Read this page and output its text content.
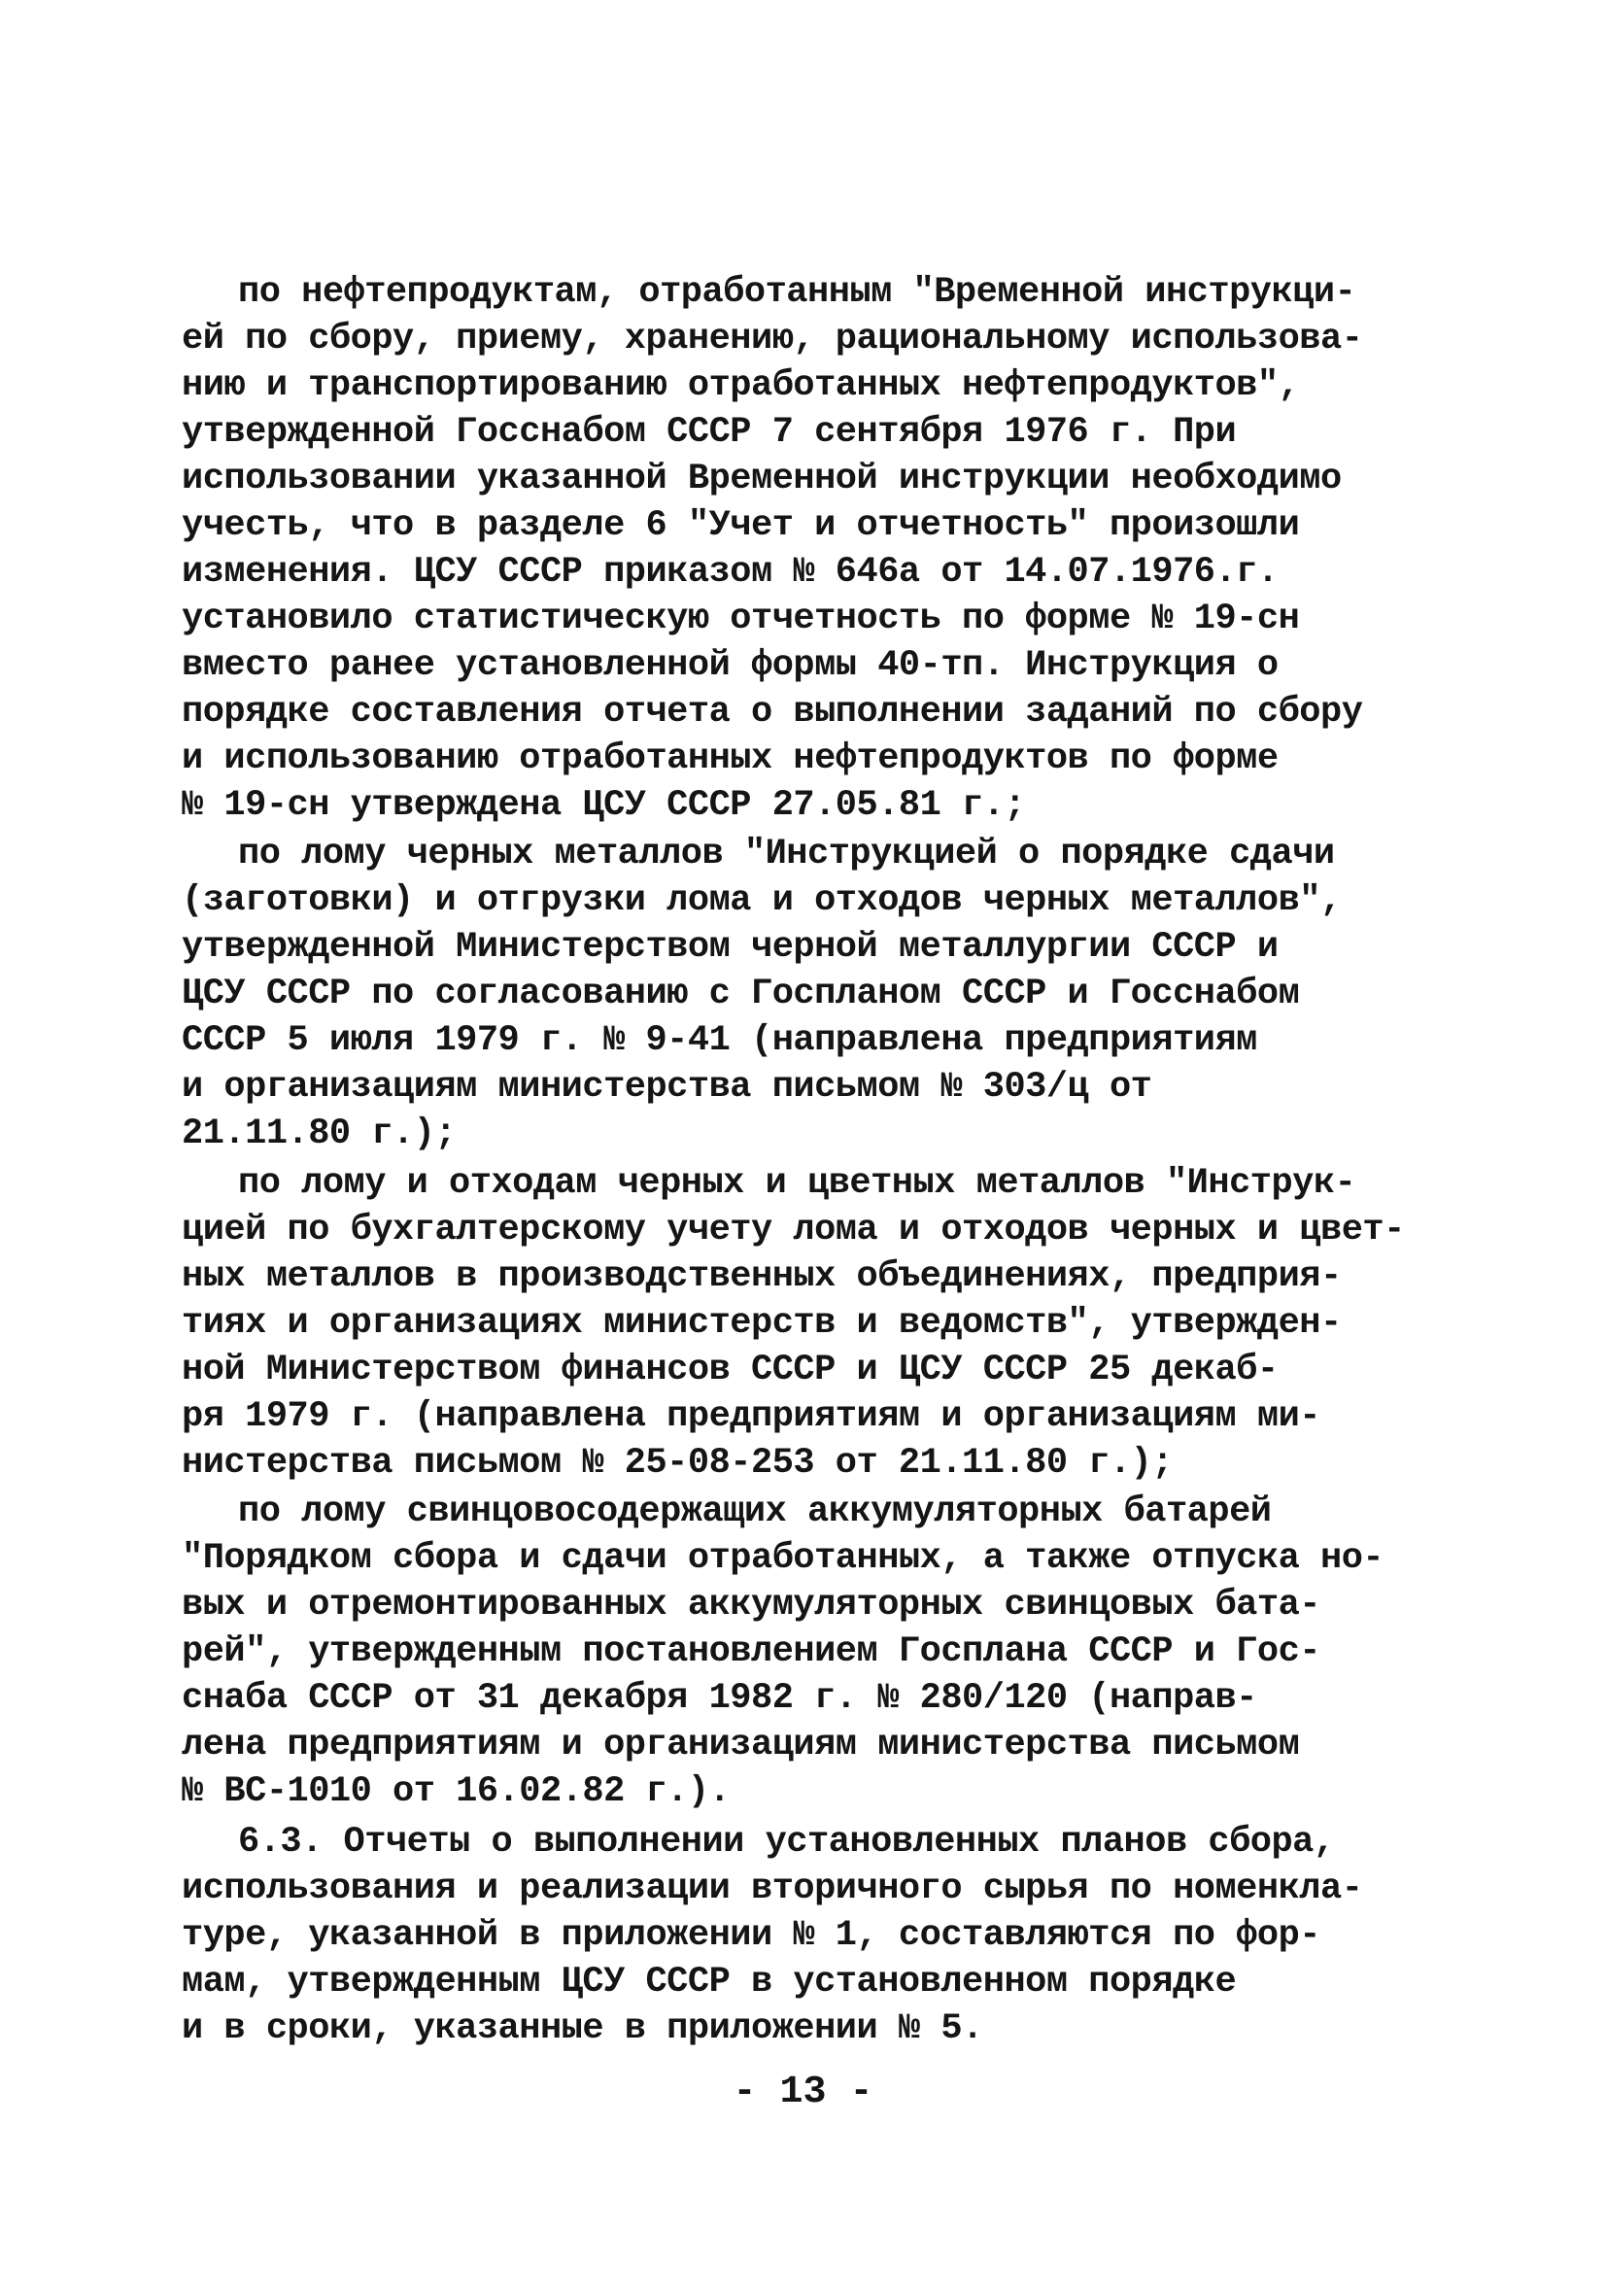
по нефтепродуктам, отработанным "Временной инструкци-
ей по сбору, приему, хранению, рациональному использова-
нию и транспортированию отработанных нефтепродуктов",
утвержденной Госснабом СССР 7 сентября 1976 г. При
использовании указанной Временной инструкции необходимо
учесть, что в разделе 6 "Учет и отчетность" произошли
изменения. ЦСУ СССР приказом № 646а от 14.07.1976.г.
установило статистическую отчетность по форме № 19-сн
вместо ранее установленной формы 40-тп. Инструкция о
порядке составления отчета о выполнении заданий по сбору
и использованию отработанных нефтепродуктов по форме
№ 19-сн утверждена ЦСУ СССР 27.05.81 г.;
по лому черных металлов "Инструкцией о порядке сдачи
(заготовки) и отгрузки лома и отходов черных металлов",
утвержденной Министерством черной металлургии СССР и
ЦСУ СССР по согласованию с Госпланом СССР и Госснабом
СССР 5 июля 1979 г. № 9-41 (направлена предприятиям
и организациям министерства письмом № 303/ц от
21.11.80 г.);
по лому и отходам черных и цветных металлов "Инструк-
цией по бухгалтерскому учету лома и отходов черных и цвет-
ных металлов в производственных объединениях, предприя-
тиях и организациях министерств и ведомств", утвержден-
ной Министерством финансов СССР и ЦСУ СССР 25 декаб-
ря 1979 г. (направлена предприятиям и организациям ми-
нистерства письмом № 25-08-253 от 21.11.80 г.);
по лому свинцовосодержащих аккумуляторных батарей
"Порядком сбора и сдачи отработанных, а также отпуска но-
вых и отремонтированных аккумуляторных свинцовых бата-
рей", утвержденным постановлением Госплана СССР и Гос-
снаба СССР от 31 декабря 1982 г. № 280/120 (направ-
лена предприятиям и организациям министерства письмом
№ ВС-1010 от 16.02.82 г.).
6.3. Отчеты о выполнении установленных планов сбора,
использования и реализации вторичного сырья по номенкла-
туре, указанной в приложении № 1, составляются по фор-
мам, утвержденным ЦСУ СССР в установленном порядке
и в сроки, указанные в приложении № 5.
- 13 -
